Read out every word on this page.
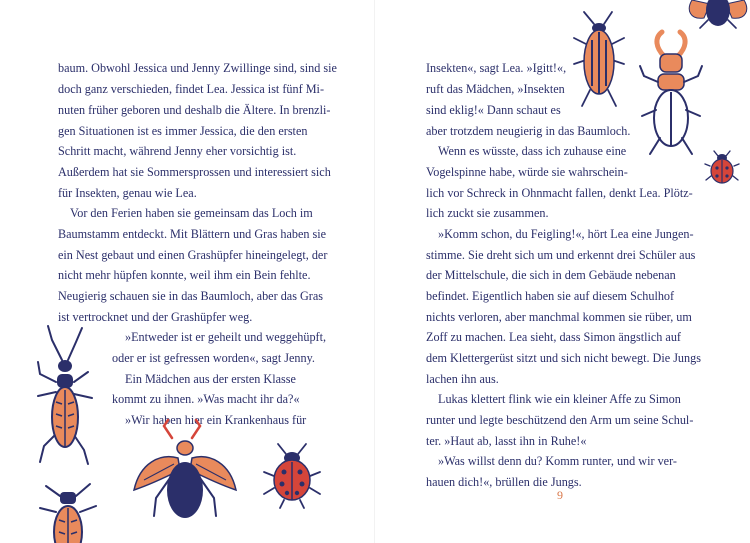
baum. Obwohl Jessica und Jenny Zwillinge sind, sind sie
doch ganz verschieden, findet Lea. Jessica ist fünf Mi-
nuten früher geboren und deshalb die Ältere. In brenzli-
gen Situationen ist es immer Jessica, die den ersten
Schritt macht, während Jenny eher vorsichtig ist.
Außerdem hat sie Sommersprossen und interessiert sich
für Insekten, genau wie Lea.
Vor den Ferien haben sie gemeinsam das Loch im
Baumstamm entdeckt. Mit Blättern und Gras haben sie
ein Nest gebaut und einen Grashüpfer hineingelegt, der
nicht mehr hüpfen konnte, weil ihm ein Bein fehlte.
Neugierig schauen sie in das Baumloch, aber das Gras
ist vertrocknet und der Grashüpfer weg.
»Entweder ist er geheilt und weggehüpft,
oder er ist gefressen worden«, sagt Jenny.
Ein Mädchen aus der ersten Klasse
kommt zu ihnen. »Was macht ihr da?«
»Wir haben hier ein Krankenhaus für
Insekten«, sagt Lea. »Igitt!«,
ruft das Mädchen, »Insekten
sind eklig!« Dann schaut es
aber trotzdem neugierig in das Baumloch.
Wenn es wüsste, dass ich zuhause eine
Vogelspinne habe, würde sie wahrschein-
lich vor Schreck in Ohnmacht fallen, denkt Lea. Plötz-
lich zuckt sie zusammen.
»Komm schon, du Feigling!«, hört Lea eine Jungen-
stimme. Sie dreht sich um und erkennt drei Schüler aus
der Mittelschule, die sich in dem Gebäude nebenan
befindet. Eigentlich haben sie auf diesem Schulhof
nichts verloren, aber manchmal kommen sie rüber, um
Zoff zu machen. Lea sieht, dass Simon ängstlich auf
dem Klettergerüst sitzt und sich nicht bewegt. Die Jungs
lachen ihn aus.
Lukas klettert flink wie ein kleiner Affe zu Simon
runter und legte beschützend den Arm um seine Schul-
ter. »Haut ab, lasst ihn in Ruhe!«
»Was willst denn du? Komm runter, und wir ver-
hauen dich!«, brüllen die Jungs.
9
